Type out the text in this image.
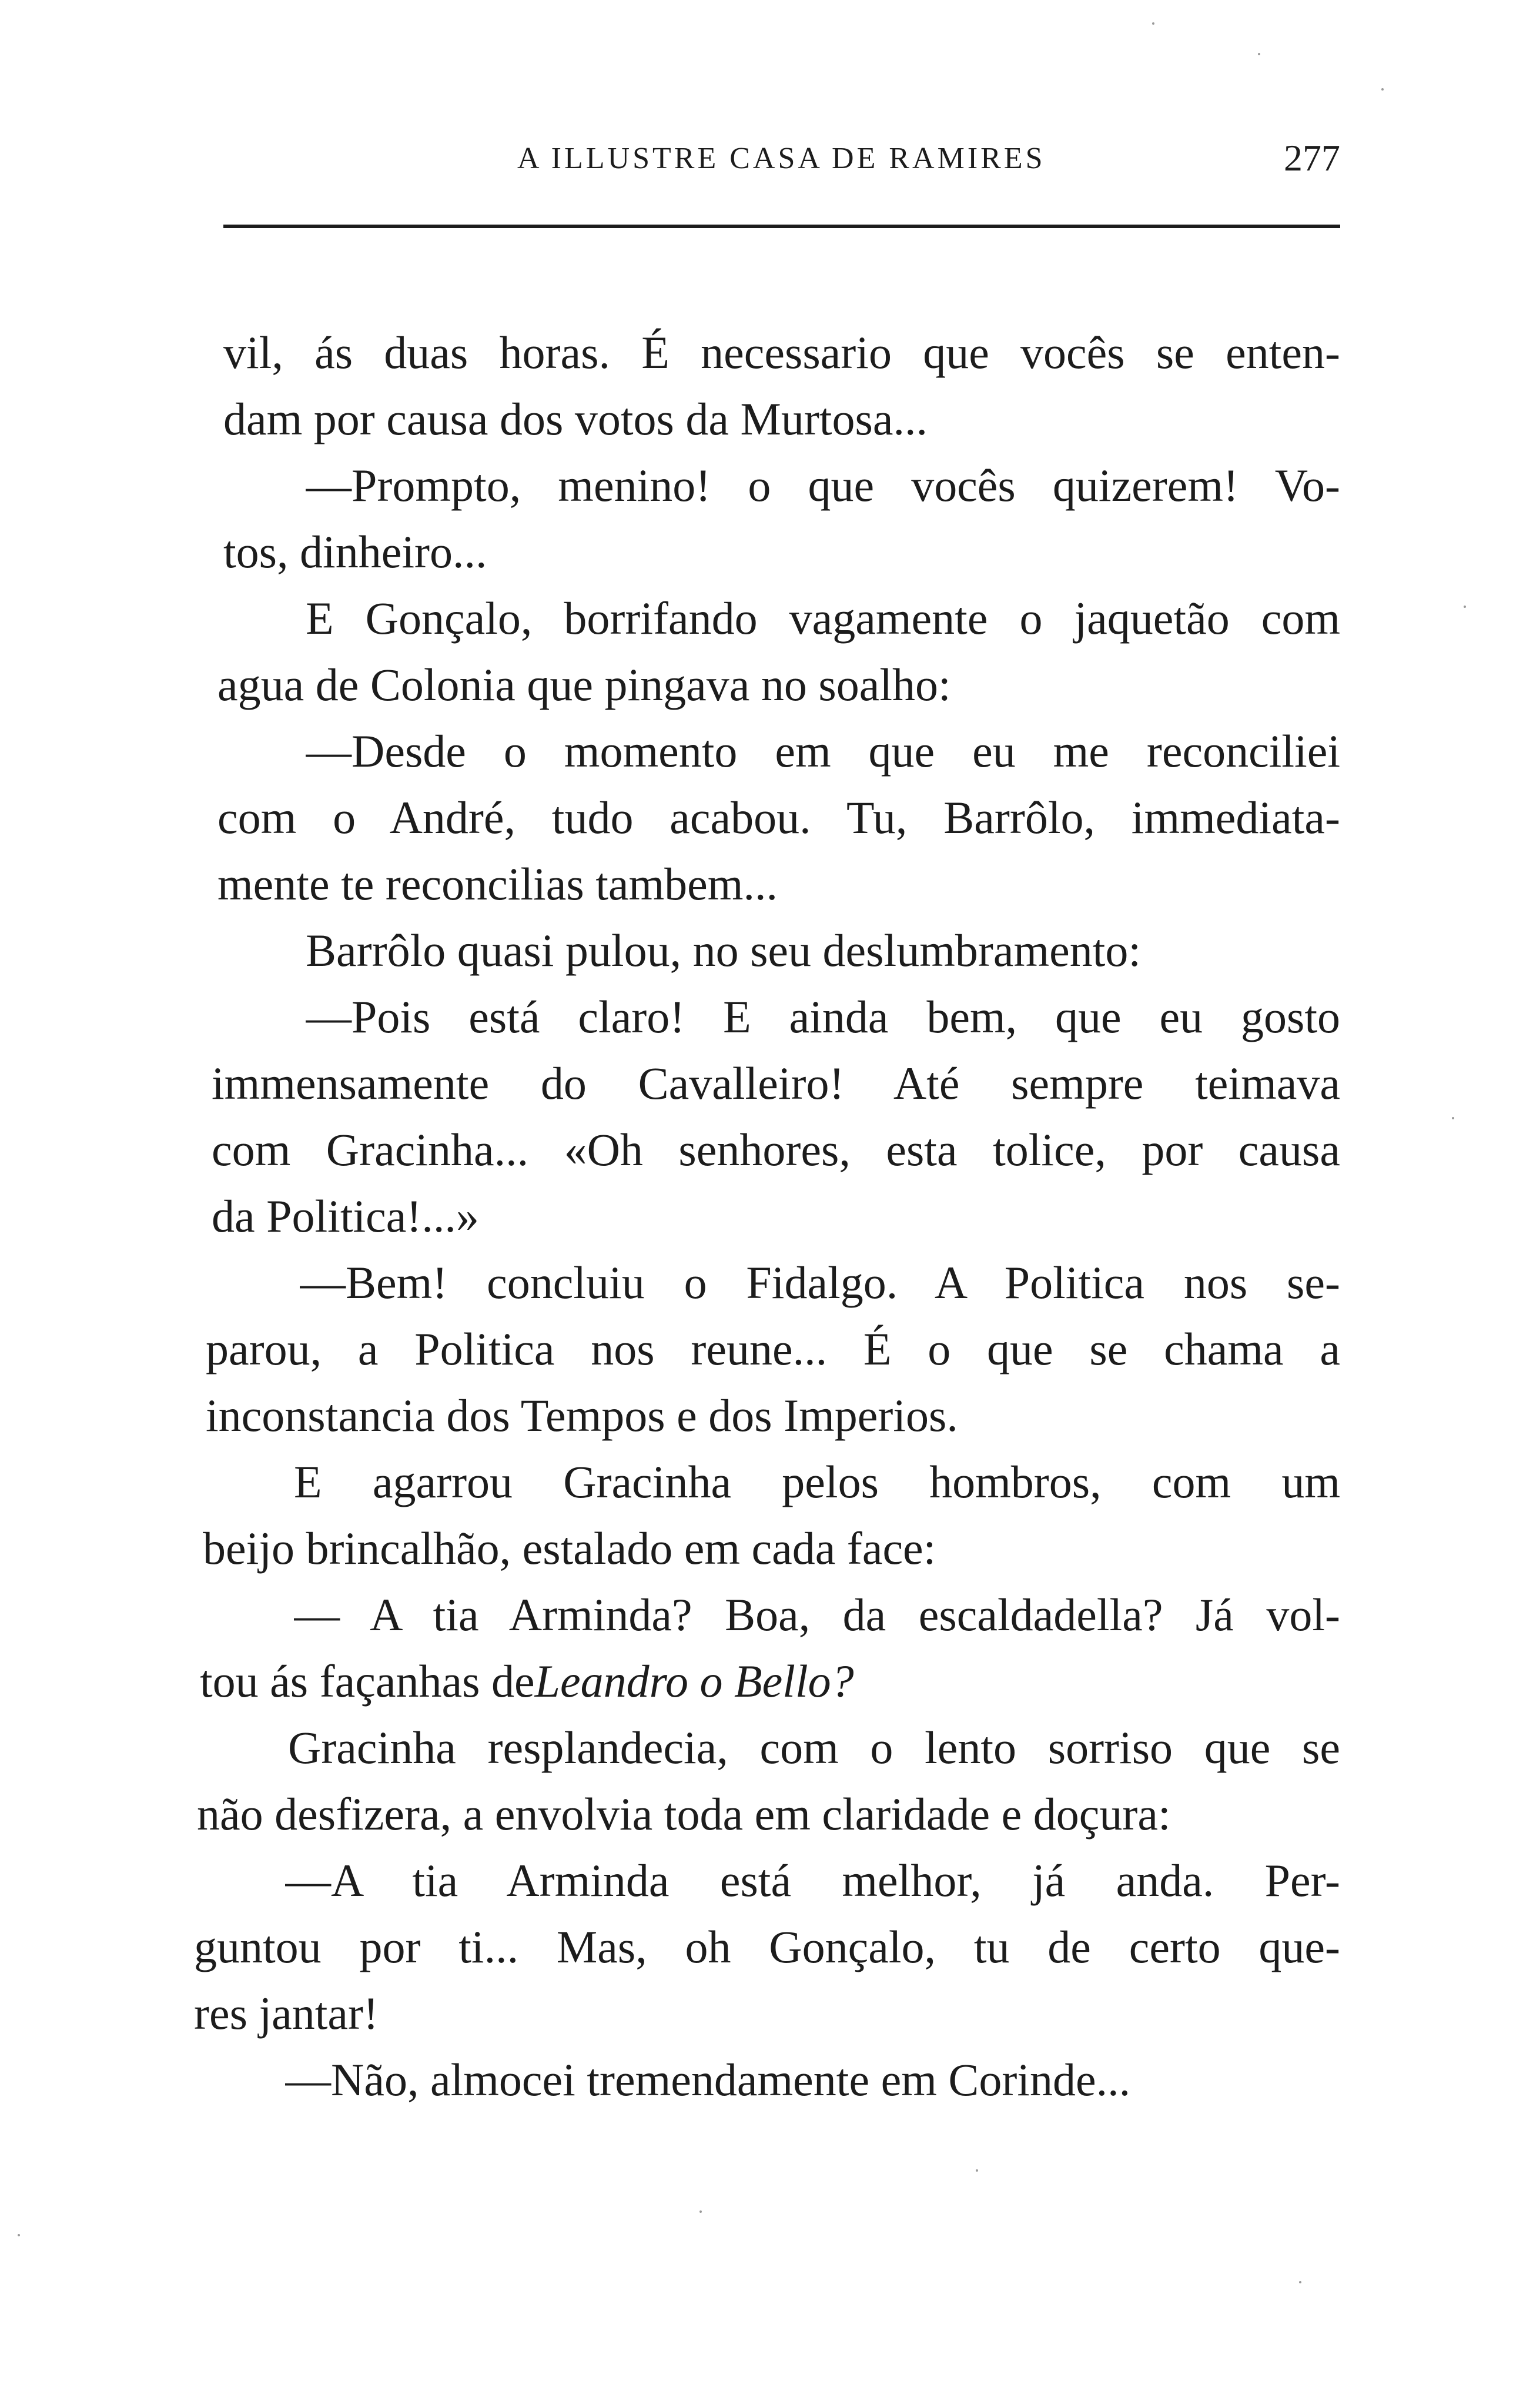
A ILLUSTRE CASA DE RAMIRES	277
vil, ás duas horas. É necessario que vocês se enten-
dam por causa dos votos da Murtosa...
—Prompto, menino! o que vocês quizerem! Vo-
tos, dinheiro...
E Gonçalo, borrifando vagamente o jaquetão com
agua de Colonia que pingava no soalho:
—Desde o momento em que eu me reconciliei
com o André, tudo acabou. Tu, Barrôlo, immediata-
mente te reconcilias tambem...
Barrôlo quasi pulou, no seu deslumbramento:
—Pois está claro! E ainda bem, que eu gosto
immensamente do Cavalleiro! Até sempre teimava
com Gracinha... «Oh senhores, esta tolice, por causa
da Politica!...»
—Bem! concluiu o Fidalgo. A Politica nos se-
parou, a Politica nos reune... É o que se chama a
inconstancia dos Tempos e dos Imperios.
E agarrou Gracinha pelos hombros, com um
beijo brincalhão, estalado em cada face:
— A tia Arminda? Boa, da escaldadella? Já vol-
tou ás façanhas deLeandro o Bello?
Gracinha resplandecia, com o lento sorriso que se
não desfizera, a envolvia toda em claridade e doçura:
—A tia Arminda está melhor, já anda. Per-
guntou por ti... Mas, oh Gonçalo, tu de certo que-
res jantar!
—Não, almocei tremendamente em Corinde...
